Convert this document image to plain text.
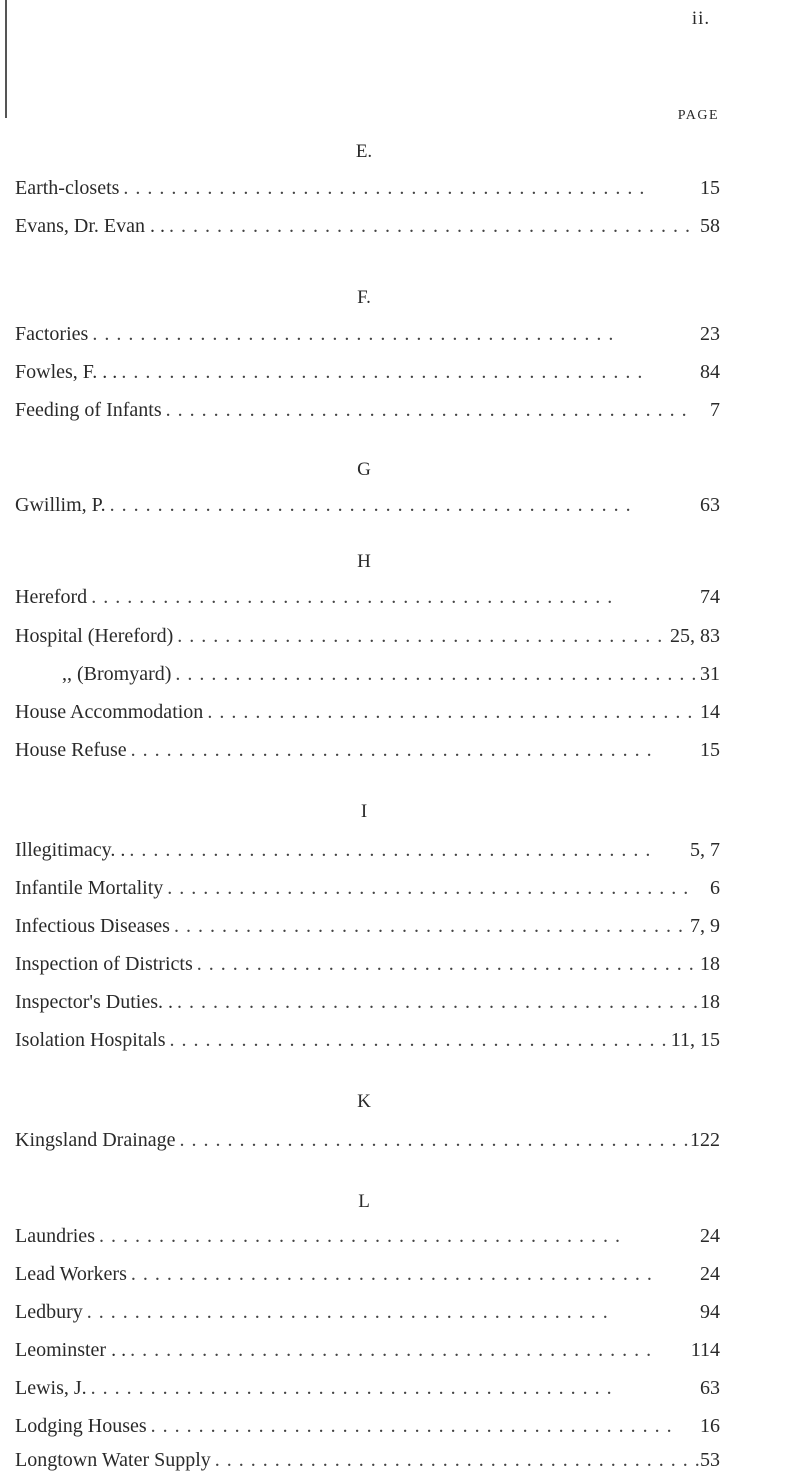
ii.
PAGE
E.
Earth-closets . .	15
Evans, Dr. Evan . . . .	58
F.
Factories . .	23
Fowles, F. . . . .	84
Feeding of Infants . .	7
G
Gwillim, P. . .	63
H
Hereford . .	74
Hospital (Hereford) . .	25, 83
,, (Bromyard) . .	31
House Accommodation . .	14
House Refuse . .	15
I
Illegitimacy. . . .	5, 7
Infantile Mortality . .	6
Infectious Diseases . .	7, 9
Inspection of Districts . .	18
Inspector's Duties. . . .	18
Isolation Hospitals . .	11, 15
K
Kingsland Drainage . .	122
L
Laundries . .	24
Lead Workers . .	24
Ledbury . .	94
Leominster . . . .	114
Lewis, J. . .	63
Lodging Houses . .	16
Longtown Water Supply . .	53
